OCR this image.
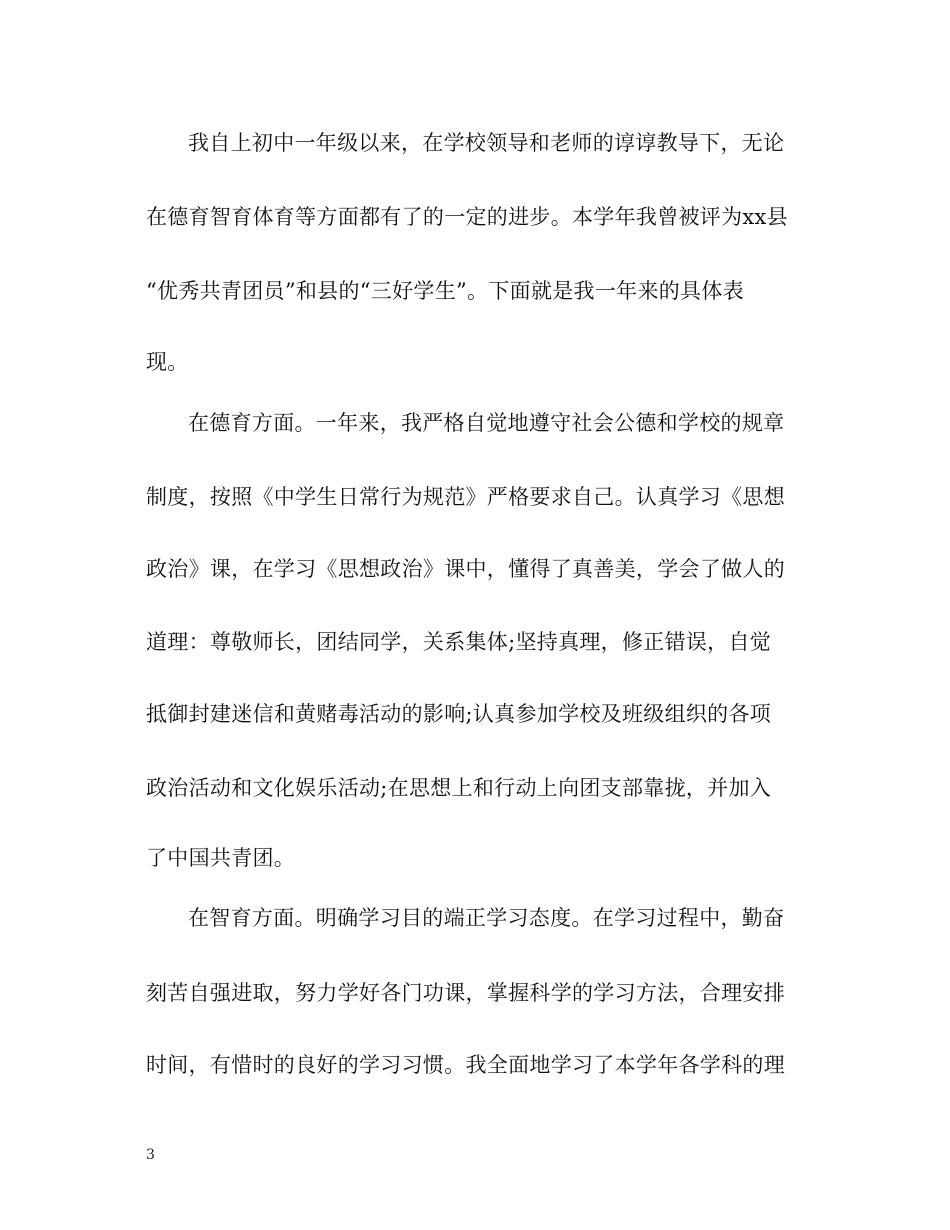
我自上初中一年级以来，在学校领导和老师的谆谆教导下，无论
在德育智育体育等方面都有了的一定的进步。本学年我曾被评为xx县
“优秀共青团员”和县的“三好学生”。下面就是我一年来的具体表
现。
在德育方面。一年来，我严格自觉地遵守社会公德和学校的规章
制度，按照《中学生日常行为规范》严格要求自己。认真学习《思想
政治》课，在学习《思想政治》课中，懂得了真善美，学会了做人的
道理：尊敬师长，团结同学，关系集体;坚持真理，修正错误，自觉
抵御封建迷信和黄赌毒活动的影响;认真参加学校及班级组织的各项
政治活动和文化娱乐活动;在思想上和行动上向团支部靠拢，并加入
了中国共青团。
在智育方面。明确学习目的端正学习态度。在学习过程中，勤奋
刻苦自强进取，努力学好各门功课，掌握科学的学习方法，合理安排
时间，有惜时的良好的学习习惯。我全面地学习了本学年各学科的理
3
